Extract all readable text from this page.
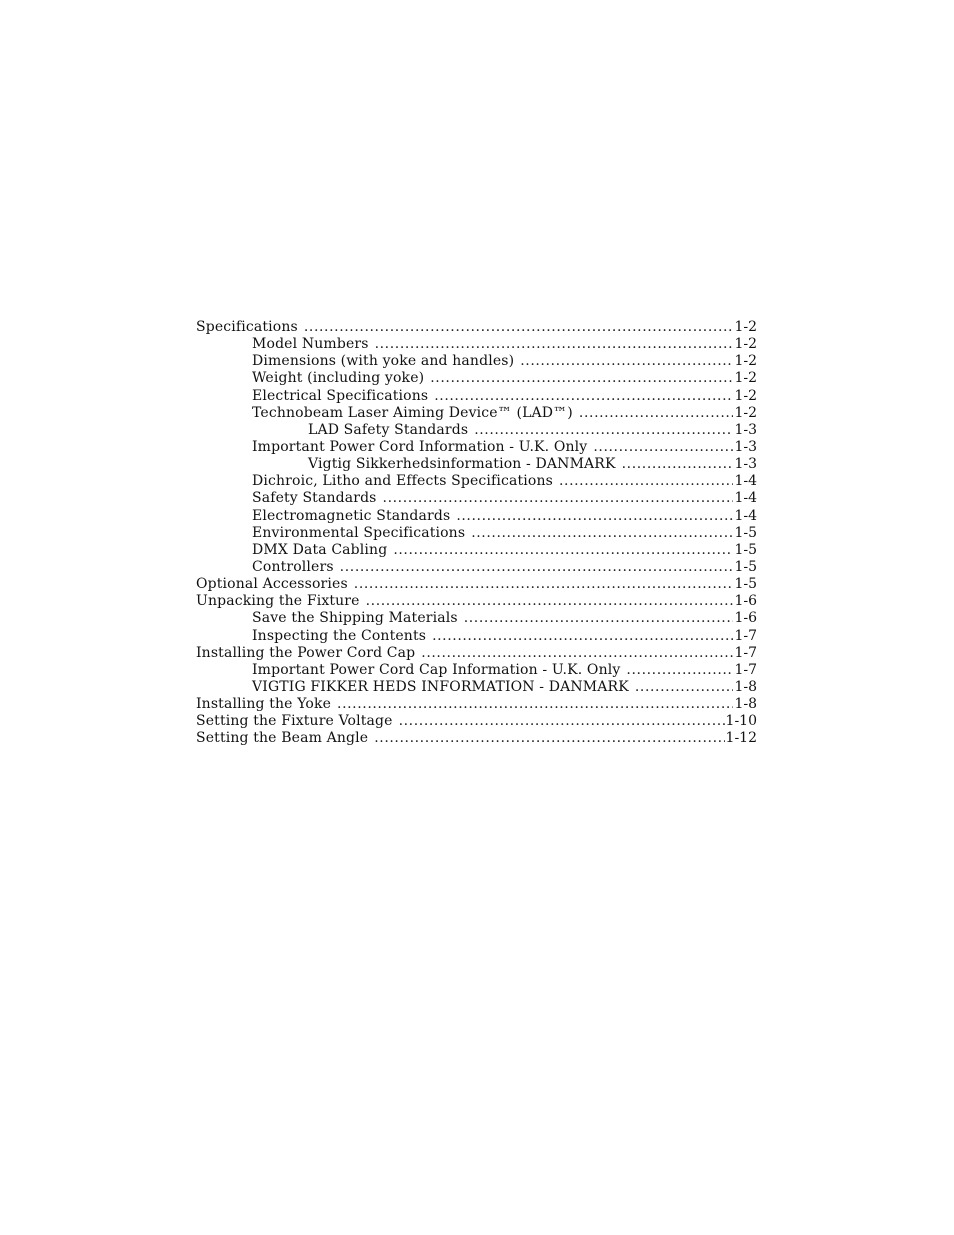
Specifications .....	1-2
Model Numbers .....	1-2
Dimensions (with yoke and handles) .....	1-2
Weight (including yoke) .....	1-2
Electrical Specifications .....	1-2
Technobeam Laser Aiming Device™ (LAD™) .....	1-2
LAD Safety Standards .....	1-3
Important Power Cord Information - U.K. Only .....	1-3
Vigtig Sikkerhedsinformation - DANMARK .....	1-3
Dichroic, Litho and Effects Specifications .....	1-4
Safety Standards .....	1-4
Electromagnetic Standards .....	1-4
Environmental Specifications .....	1-5
DMX Data Cabling .....	1-5
Controllers .....	1-5
Optional Accessories .....	1-5
Unpacking the Fixture .....	1-6
Save the Shipping Materials .....	1-6
Inspecting the Contents .....	1-7
Installing the Power Cord Cap .....	1-7
Important Power Cord Cap Information - U.K. Only .....	1-7
VIGTIG FIKKER HEDS INFORMATION - DANMARK .....	1-8
Installing the Yoke .....	1-8
Setting the Fixture Voltage .....	1-10
Setting the Beam Angle .....	1-12
